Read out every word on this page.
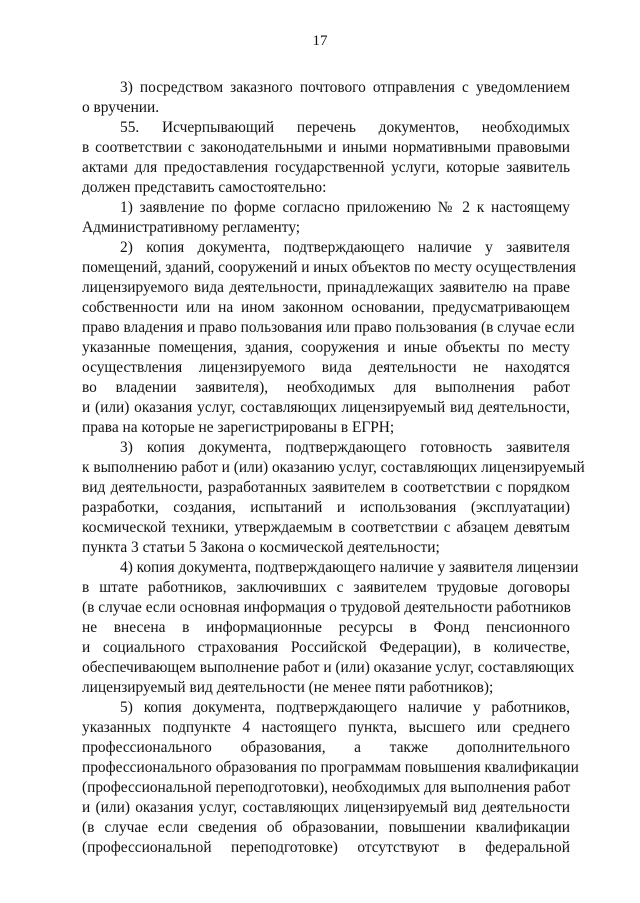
17
3) посредством заказного почтового отправления с уведомлением
о вручении.
55. Исчерпывающий перечень документов, необходимых
в соответствии с законодательными и иными нормативными правовыми
актами для предоставления государственной услуги, которые заявитель
должен представить самостоятельно:
1) заявление по форме согласно приложению № 2 к настоящему
Административному регламенту;
2) копия документа, подтверждающего наличие у заявителя
помещений, зданий, сооружений и иных объектов по месту осуществления
лицензируемого вида деятельности, принадлежащих заявителю на праве
собственности или на ином законном основании, предусматривающем
право владения и право пользования или право пользования (в случае если
указанные помещения, здания, сооружения и иные объекты по месту
осуществления лицензируемого вида деятельности не находятся
во владении заявителя), необходимых для выполнения работ
и (или) оказания услуг, составляющих лицензируемый вид деятельности,
права на которые не зарегистрированы в ЕГРН;
3) копия документа, подтверждающего готовность заявителя
к выполнению работ и (или) оказанию услуг, составляющих лицензируемый
вид деятельности, разработанных заявителем в соответствии с порядком
разработки, создания, испытаний и использования (эксплуатации)
космической техники, утверждаемым в соответствии с абзацем девятым
пункта 3 статьи 5 Закона о космической деятельности;
4) копия документа, подтверждающего наличие у заявителя лицензии
в штате работников, заключивших с заявителем трудовые договоры
(в случае если основная информация о трудовой деятельности работников
не внесена в информационные ресурсы в Фонд пенсионного
и социального страхования Российской Федерации), в количестве,
обеспечивающем выполнение работ и (или) оказание услуг, составляющих
лицензируемый вид деятельности (не менее пяти работников);
5) копия документа, подтверждающего наличие у работников,
указанных подпункте 4 настоящего пункта, высшего или среднего
профессионального образования, а также дополнительного
профессионального образования по программам повышения квалификации
(профессиональной переподготовки), необходимых для выполнения работ
и (или) оказания услуг, составляющих лицензируемый вид деятельности
(в случае если сведения об образовании, повышении квалификации
(профессиональной переподготовке) отсутствуют в федеральной
